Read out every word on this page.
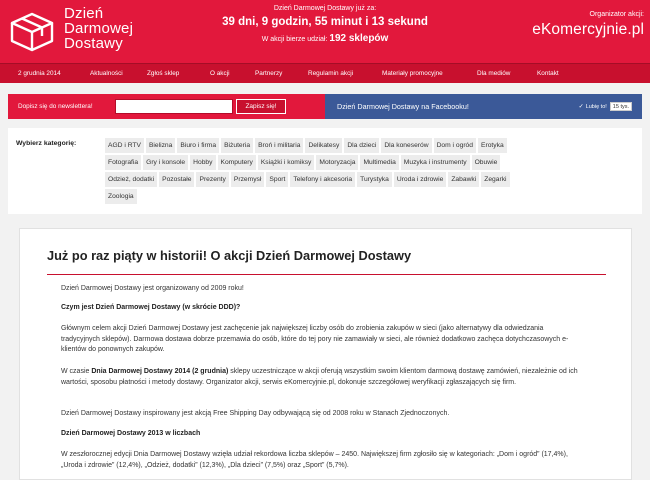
Dzień
Darmowej
Dostawy
Dzień Darmowej Dostawy już za:
39 dni, 9 godzin, 55 minut i 13 sekund
W akcji bierze udział: 192 sklepów
Organizator akcji:
eKomercyjnie.pl
2 grudnia 2014	Aktualności	Zgłoś sklep	O akcji	Partnerzy	Regulamin akcji	Materiały promocyjne	Dla mediów	Kontakt
Dopisz się do newslettera!	Zapisz się!	Dzień Darmowej Dostawy na Facebooku!	✓ Lubię to!	15 tys.
Wybierz kategorię:	AGD i RTV	Bielizna	Biuro i firma	Biżuteria	Broń i militaria	Delikatesy	Dla dzieci	Dla koneserów	Dom i ogród	Erotyka
Fotografia	Gry i konsole	Hobby	Komputery	Książki i komiksy	Motoryzacja	Multimedia	Muzyka i instrumenty	Obuwie
Odzież, dodatki	Pozostałe	Prezenty	Przemysł	Sport	Telefony i akcesoria	Turystyka	Uroda i zdrowie	Zabawki	Zegarki
Zoologia
Już po raz piąty w historii! O akcji Dzień Darmowej Dostawy
Dzień Darmowej Dostawy jest organizowany od 2009 roku!
Czym jest Dzień Darmowej Dostawy (w skrócie DDD)?
Głównym celem akcji Dzień Darmowej Dostawy jest zachęcenie jak największej liczby osób do zrobienia zakupów w sieci (jako alternatywy dla odwiedzania tradycyjnych sklepów). Darmowa dostawa dobrze przemawia do osób, które do tej pory nie zamawiały w sieci, ale również dodatkowo zachęca dotychczasowych e-klientów do ponownych zakupów.
W czasie Dnia Darmowej Dostawy 2014 (2 grudnia) sklepy uczestniczące w akcji oferują wszystkim swoim klientom darmową dostawę zamówień, niezależnie od ich wartości, sposobu płatności i metody dostawy. Organizator akcji, serwis eKomercyjnie.pl, dokonuje szczegółowej weryfikacji zgłaszających się firm.
Dzień Darmowej Dostawy inspirowany jest akcją Free Shipping Day odbywającą się od 2008 roku w Stanach Zjednoczonych.
Dzień Darmowej Dostawy 2013 w liczbach
W zeszłorocznej edycji Dnia Darmowej Dostawy wzięła udział rekordowa liczba sklepów – 2450. Największej firm zgłosiło się w kategoriach: „Dom i ogród” (17,4%), „Uroda i zdrowie” (12,4%), „Odzież, dodatki” (12,3%), „Dla dzieci” (7,5%) oraz „Sport” (5,7%).
